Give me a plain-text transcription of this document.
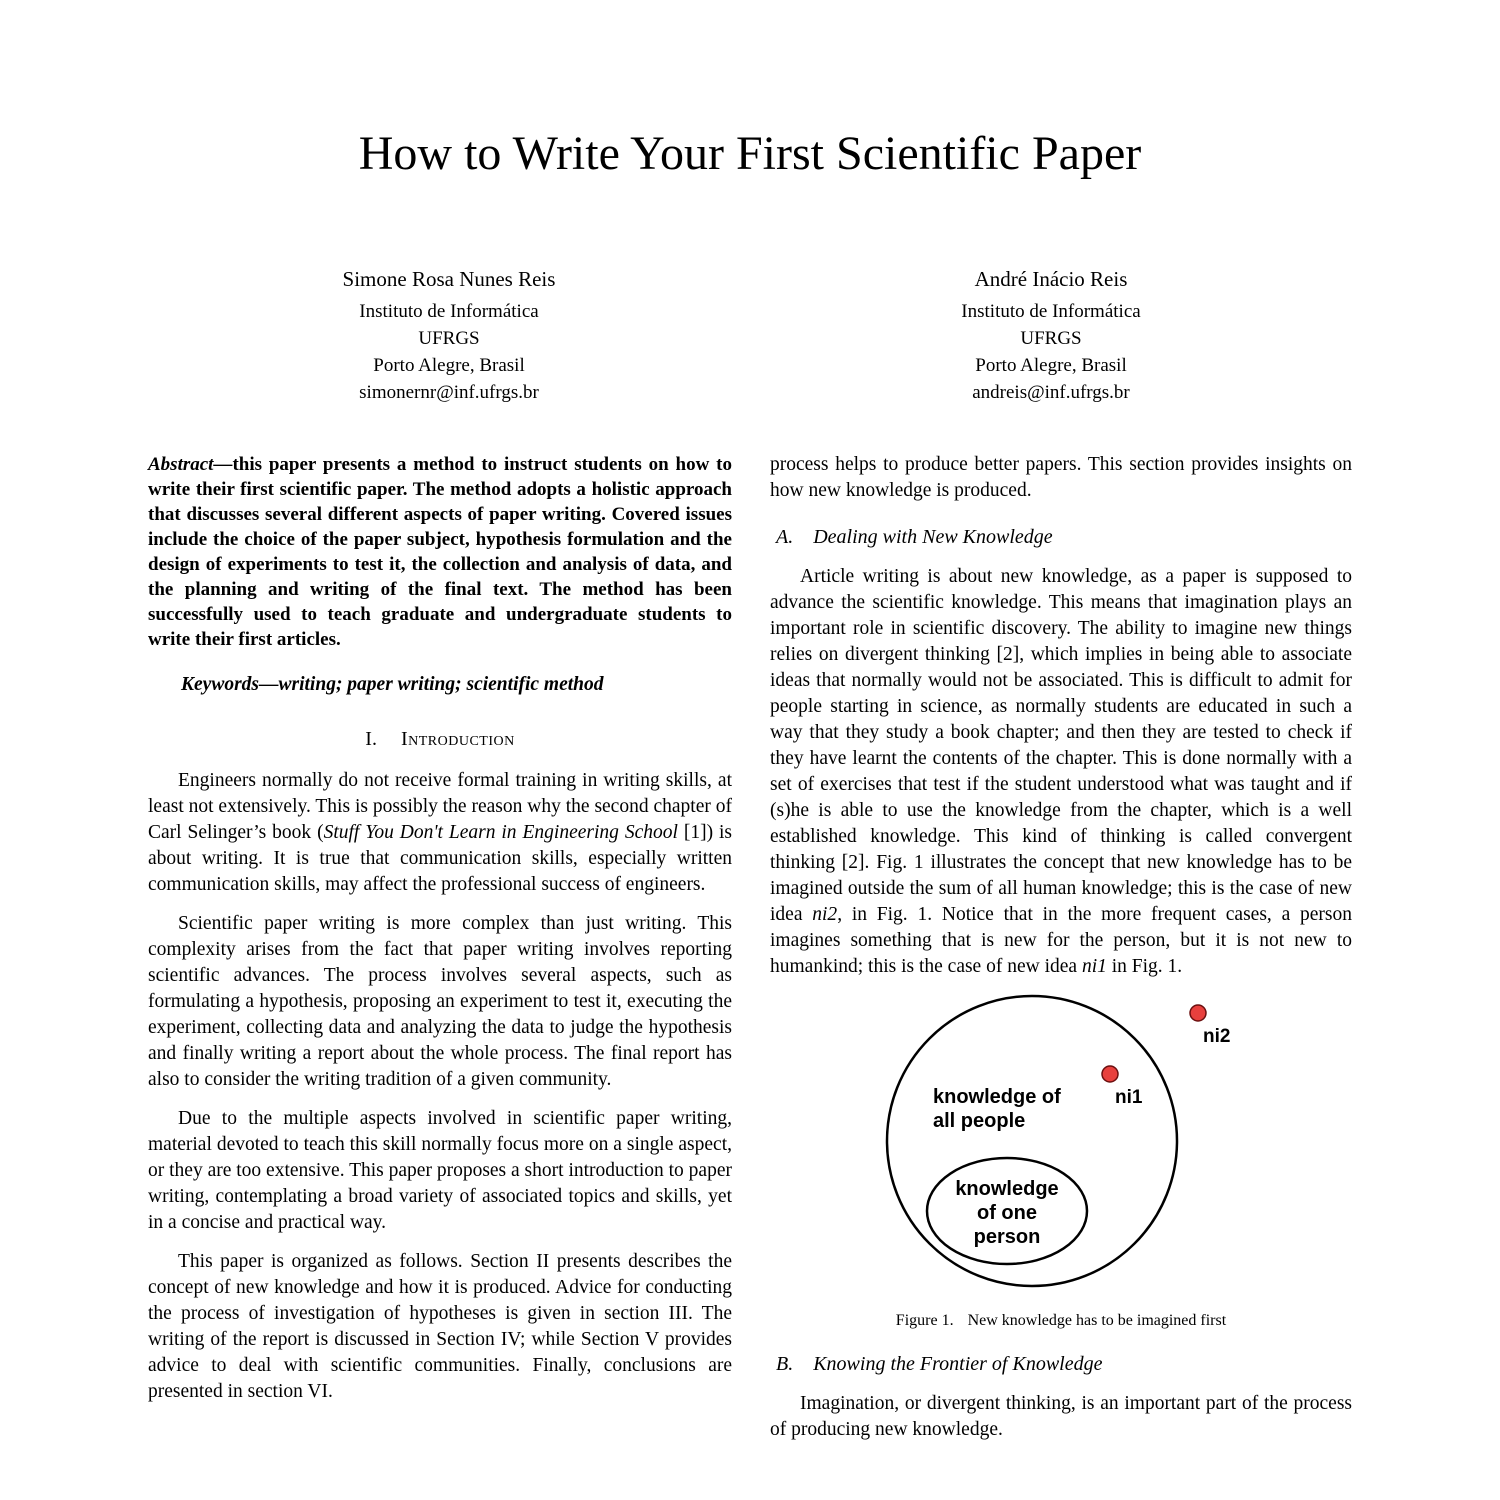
How to Write Your First Scientific Paper
Simone Rosa Nunes Reis
Instituto de Informática
UFRGS
Porto Alegre, Brasil
simonernr@inf.ufrgs.br
André Inácio Reis
Instituto de Informática
UFRGS
Porto Alegre, Brasil
andreis@inf.ufrgs.br

Abstract—this paper presents a method to instruct students on how to write their first scientific paper. The method adopts a holistic approach that discusses several different aspects of paper writing. Covered issues include the choice of the paper subject, hypothesis formulation and the design of experiments to test it, the collection and analysis of data, and the planning and writing of the final text. The method has been successfully used to teach graduate and undergraduate students to write their first articles.

Keywords—writing; paper writing; scientific method

I. Introduction

Engineers normally do not receive formal training in writing skills, at least not extensively. This is possibly the reason why the second chapter of Carl Selinger’s book (Stuff You Don't Learn in Engineering School [1]) is about writing. It is true that communication skills, especially written communication skills, may affect the professional success of engineers.

Scientific paper writing is more complex than just writing. This complexity arises from the fact that paper writing involves reporting scientific advances. The process involves several aspects, such as formulating a hypothesis, proposing an experiment to test it, executing the experiment, collecting data and analyzing the data to judge the hypothesis and finally writing a report about the whole process. The final report has also to consider the writing tradition of a given community.

Due to the multiple aspects involved in scientific paper writing, material devoted to teach this skill normally focus more on a single aspect, or they are too extensive. This paper proposes a short introduction to paper writing, contemplating a broad variety of associated topics and skills, yet in a concise and practical way.

This paper is organized as follows. Section II presents describes the concept of new knowledge and how it is produced. Advice for conducting the process of investigation of hypotheses is given in section III. The writing of the report is discussed in Section IV; while Section V provides advice to deal with scientific communities. Finally, conclusions are presented in section VI.

process helps to produce better papers. This section provides insights on how new knowledge is produced.

A. Dealing with New Knowledge

Article writing is about new knowledge, as a paper is supposed to advance the scientific knowledge. This means that imagination plays an important role in scientific discovery. The ability to imagine new things relies on divergent thinking [2], which implies in being able to associate ideas that normally would not be associated. This is difficult to admit for people starting in science, as normally students are educated in such a way that they study a book chapter; and then they are tested to check if they have learnt the contents of the chapter. This is done normally with a set of exercises that test if the student understood what was taught and if (s)he is able to use the knowledge from the chapter, which is a well established knowledge. This kind of thinking is called convergent thinking [2]. Fig. 1 illustrates the concept that new knowledge has to be imagined outside the sum of all human knowledge; this is the case of new idea ni2, in Fig. 1. Notice that in the more frequent cases, a person imagines something that is new for the person, but it is not new to humankind; this is the case of new idea ni1 in Fig. 1.

knowledge of all people
knowledge of one person
ni1
ni2

Figure 1. New knowledge has to be imagined first

B. Knowing the Frontier of Knowledge

Imagination, or divergent thinking, is an important part of the process of producing new knowledge.
